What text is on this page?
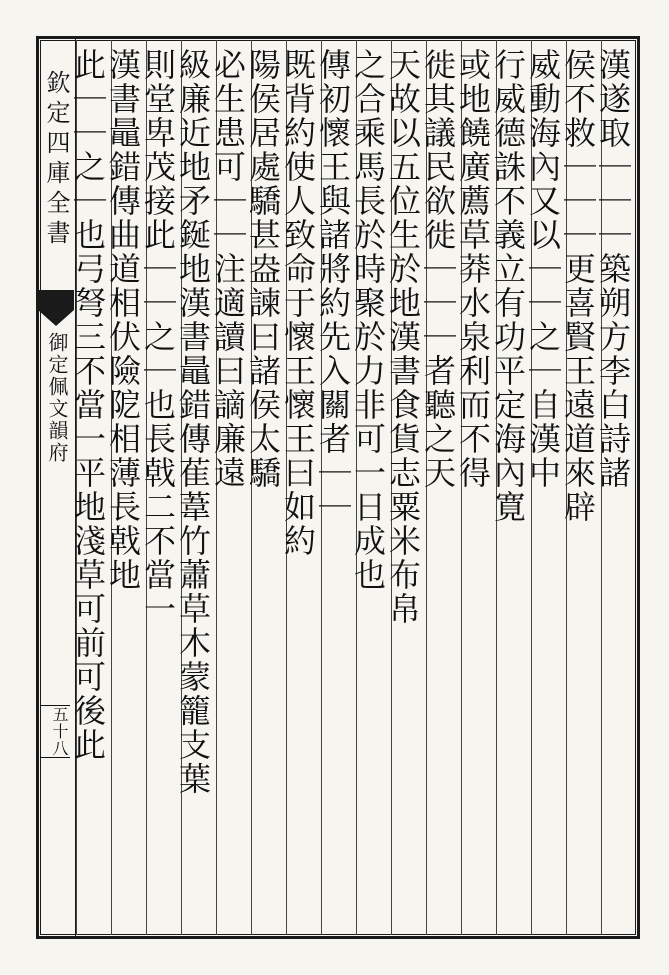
欽定四庫全書
御定佩文韻府
五十八
漢遂取｜｜｜築朔方李白詩諸
侯不救｜｜｜更喜賢王遠道來辟
威動海內又以｜｜之｜自漢中
行威德誅不義立有功平定海內寛
或地饒廣薦草莽水泉利而不得
徙其議民欲徙｜｜｜者聽之天
天故以五位生於地漢書食貨志粟米布帛
之合乘馬長於時聚於力非可一日成也
傳初懷王與諸將約先入關者｜｜
既背約使人致命于懷王懷王曰如約
陽侯居處驕甚盎諫曰諸侯太驕
必生患可｜｜注適讀曰謫廉遠
級廉近地矛鋋地漢書鼂錯傳萑葦竹蕭草木蒙籠支葉
則堂卑茂接此｜｜之｜也長戟二不當一
漢書鼂錯傳曲道相伏險阸相薄長戟地
此｜｜之｜也弓弩三不當一平地淺草可前可後此
